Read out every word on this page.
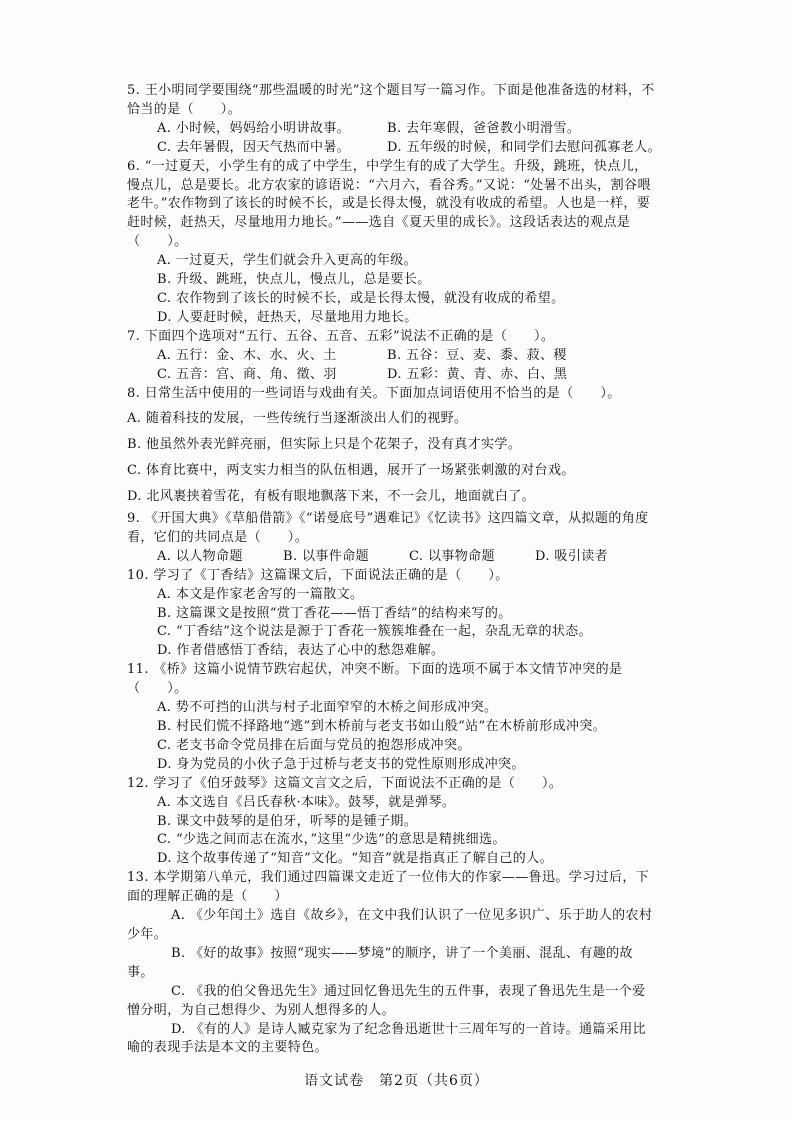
5. 王小明同学要围绕“那些温暖的时光”这个题目写一篇习作。下面是他准备选的材料，不恰当的是（　　）。

A. 小时候，妈妈给小明讲故事。	B. 去年寒假，爸爸教小明滑雪。
C. 去年暑假，因天气热而中暑。	D. 五年级的时候，和同学们去慰问孤寡老人。

6. “一过夏天，小学生有的成了中学生，中学生有的成了大学生。升级，跳班，快点儿，慢点儿，总是要长。北方农家的谚语说：“六月六，看谷秀。”又说：“处暑不出头，割谷喂老牛。”农作物到了该长的时候不长，或是长得太慢，就没有收成的希望。人也是一样，要赶时候，赶热天，尽量地用力地长。”——选自《夏天里的成长》。这段话表达的观点是（　　）。

A. 一过夏天，学生们就会升入更高的年级。

B. 升级、跳班，快点儿，慢点儿，总是要长。

C. 农作物到了该长的时候不长，或是长得太慢，就没有收成的希望。

D. 人要赶时候，赶热天，尽量地用力地长。

7. 下面四个选项对“五行、五谷、五音、五彩”说法不正确的是（　　）。

A. 五行：金、木、水、火、土	B. 五谷：豆、麦、黍、菽、稷
C. 五音：宫、商、角、徵、羽	D. 五彩：黄、青、赤、白、黑

8. 日常生活中使用的一些词语与戏曲有关。下面加点词语使用不恰当的是（　　）。

A. 随着科技的发展，一些传统行当逐渐淡出人们的视野。

B. 他虽然外表光鲜亮丽，但实际上只是个花架子，没有真才实学。

C. 体育比赛中，两支实力相当的队伍相遇，展开了一场紧张刺激的对台戏。

D. 北风裹挟着雪花，有板有眼地飘落下来，不一会儿，地面就白了。

9. 《开国大典》《草船借箭》《“诺曼底号”遇难记》《忆读书》这四篇文章，从拟题的角度看，它们的共同点是（　　）。

A. 以人物命题	B. 以事件命题	C. 以事物命题	D. 吸引读者

10. 学习了《丁香结》这篇课文后，下面说法正确的是（　　）。

A. 本文是作家老舍写的一篇散文。

B. 这篇课文是按照“赏丁香花——悟丁香结”的结构来写的。

C. “丁香结”这个说法是源于丁香花一簇簇堆叠在一起，杂乱无章的状态。

D. 作者借感悟丁香结，表达了心中的愁怨难解。

11. 《桥》这篇小说情节跌宕起伏，冲突不断。下面的选项不属于本文情节冲突的是（　　）。

A. 势不可挡的山洪与村子北面窄窄的木桥之间形成冲突。

B. 村民们慌不择路地“逃”到木桥前与老支书如山般“站”在木桥前形成冲突。

C. 老支书命令党员排在后面与党员的抱怨形成冲突。

D. 身为党员的小伙子急于过桥与老支书的党性原则形成冲突。

12. 学习了《伯牙鼓琴》这篇文言文之后，下面说法不正确的是（　　）。

A. 本文选自《吕氏春秋·本味》。鼓琴，就是弹琴。

B. 课文中鼓琴的是伯牙，听琴的是锺子期。

C. “少选之间而志在流水，”这里“少选”的意思是精挑细选。

D. 这个故事传递了“知音”文化。“知音”就是指真正了解自己的人。

13. 本学期第八单元，我们通过四篇课文走近了一位伟大的作家——鲁迅。学习过后，下面的理解正确的是（　　）

A. 《少年闰土》选自《故乡》，在文中我们认识了一位见多识广、乐于助人的农村少年。

B. 《好的故事》按照“现实——梦境”的顺序，讲了一个美丽、混乱、有趣的故事。

C. 《我的伯父鲁迅先生》通过回忆鲁迅先生的五件事，表现了鲁迅先生是一个爱憎分明，为自己想得少、为别人想得多的人。

D. 《有的人》是诗人臧克家为了纪念鲁迅逝世十三周年写的一首诗。通篇采用比喻的表现手法是本文的主要特色。

语文试卷　第2页（共6页）
